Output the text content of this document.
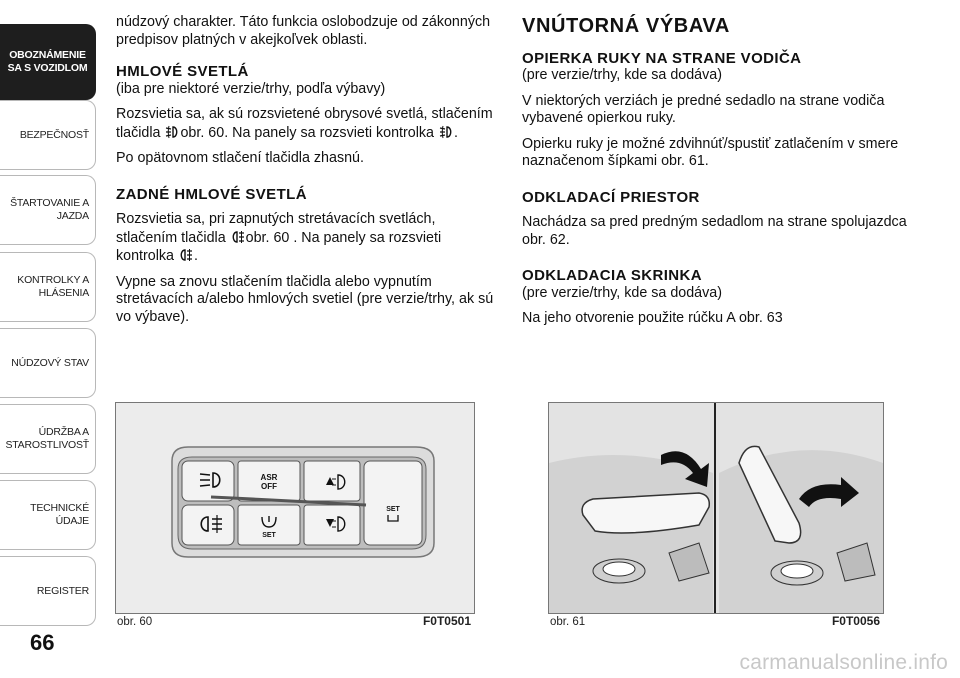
OBOZNÁMENIE
SA S VOZIDLOM
BEZPEČNOSŤ
ŠTARTOVANIE A
JAZDA
KONTROLKY A
HLÁSENIA
NÚDZOVÝ STAV
ÚDRŽBA A
STAROSTLIVOSŤ
TECHNICKÉ ÚDAJE
REGISTER
66

núdzový charakter. Táto funkcia oslobodzuje od zákonných predpisov platných v akejkoľvek oblasti.

HMLOVÉ SVETLÁ

(iba pre niektoré verzie/trhy, podľa výbavy)

Rozsvietia sa, ak sú rozsvietené obrysové svetlá, stlačením tlačidla obr. 60. Na panely sa rozsvieti kontrolka .

Po opätovnom stlačení tlačidla zhasnú.

ZADNÉ HMLOVÉ SVETLÁ

Rozsvietia sa, pri zapnutých stretávacích svetlách, stlačením tlačidla obr. 60 . Na panely sa rozsvieti kontrolka .

Vypne sa znovu stlačením tlačidla alebo vypnutím stretávacích a/alebo hmlových svetiel (pre verzie/trhy, ak sú vo výbave).

VNÚTORNÁ VÝBAVA
OPIERKA RUKY NA STRANE VODIČA

(pre verzie/trhy, kde sa dodáva)

V niektorých verziách je predné sedadlo na strane vodiča vybavené opierkou ruky.

Opierku ruky je možné zdvihnúť/spustiť zatlačením v smere naznačenom šípkami obr. 61.

ODKLADACÍ PRIESTOR

Nachádza sa pred predným sedadlom na strane spolujazdca obr. 62.

ODKLADACIA SKRINKA

(pre verzie/trhy, kde sa dodáva)

Na jeho otvorenie použite rúčku A obr. 63

ASR
OFF
SET
SET
obr. 60	F0T0501	obr. 61	F0T0056
carmanualsonline.info
